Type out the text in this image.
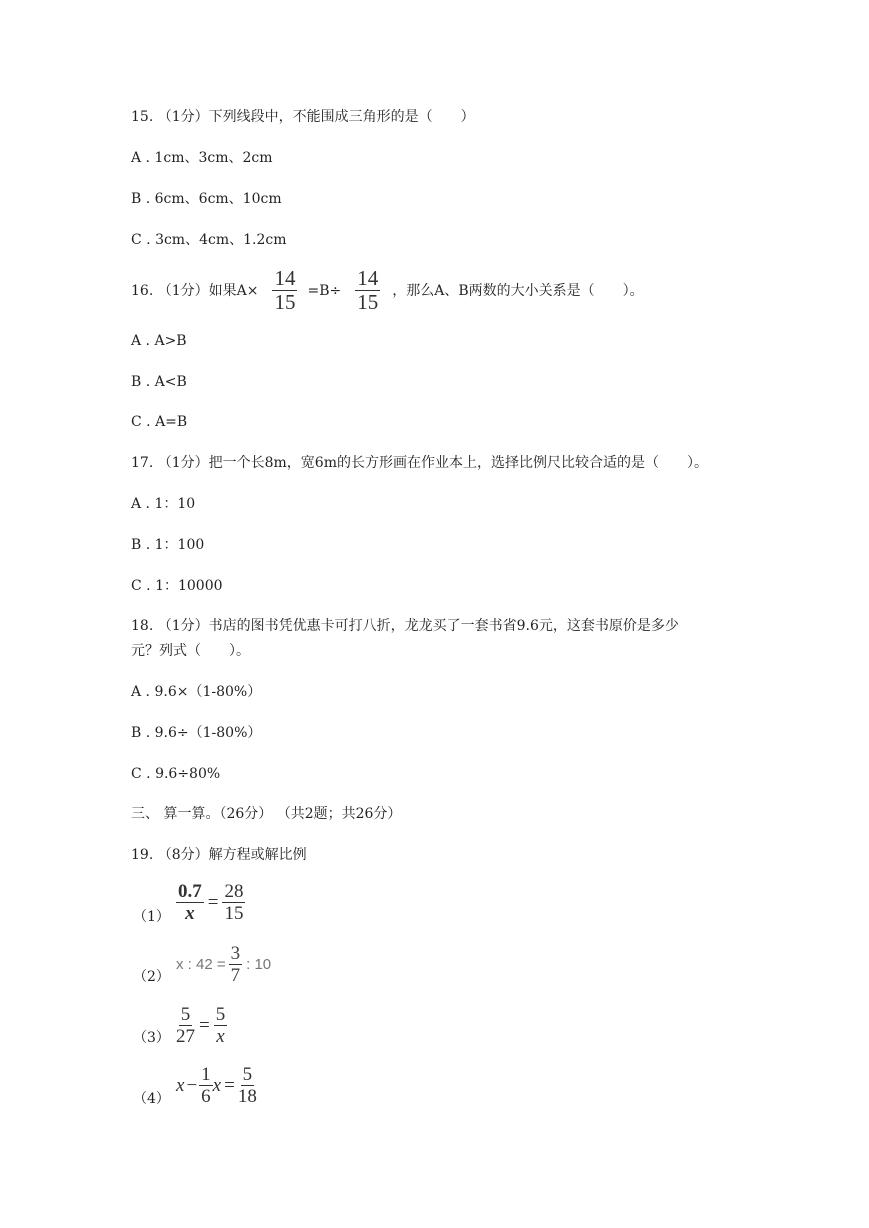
15. （1分）下列线段中，不能围成三角形的是（　　）
A . 1cm、3cm、2cm
B . 6cm、6cm、10cm
C . 3cm、4cm、1.2cm
16. （1分）如果$A\times \frac{14}{15} =B\div \frac{14}{15}$ ，那么A、B两数的大小关系是（　　）。
A . A>B
B . A<B
C . A=B
17. （1分）把一个长8m，宽6m的长方形画在作业本上，选择比例尺比较合适的是（　　）。
A . 1：10
B . 1：100
C . 1：10000
18. （1分）书店的图书凭优惠卡可打八折，龙龙买了一套书省9.6元，这套书原价是多少
元？列式（　　）。
A . 9.6×（1-80%）
B . 9.6÷（1-80%）
C . 9.6÷80%
三、 算一算。（26分） （共2题；共26分）
19. （8分）解方程或解比例
$(1) \frac{0.7}{x} = \frac{28}{15}$
（2）
x : $42 = \frac{3}{7}$ : 10
$(3) \frac{5}{27} = \frac{5}{x}$
（4）
$x - \frac{1}{6}$ $x = \frac{5}{18}$
